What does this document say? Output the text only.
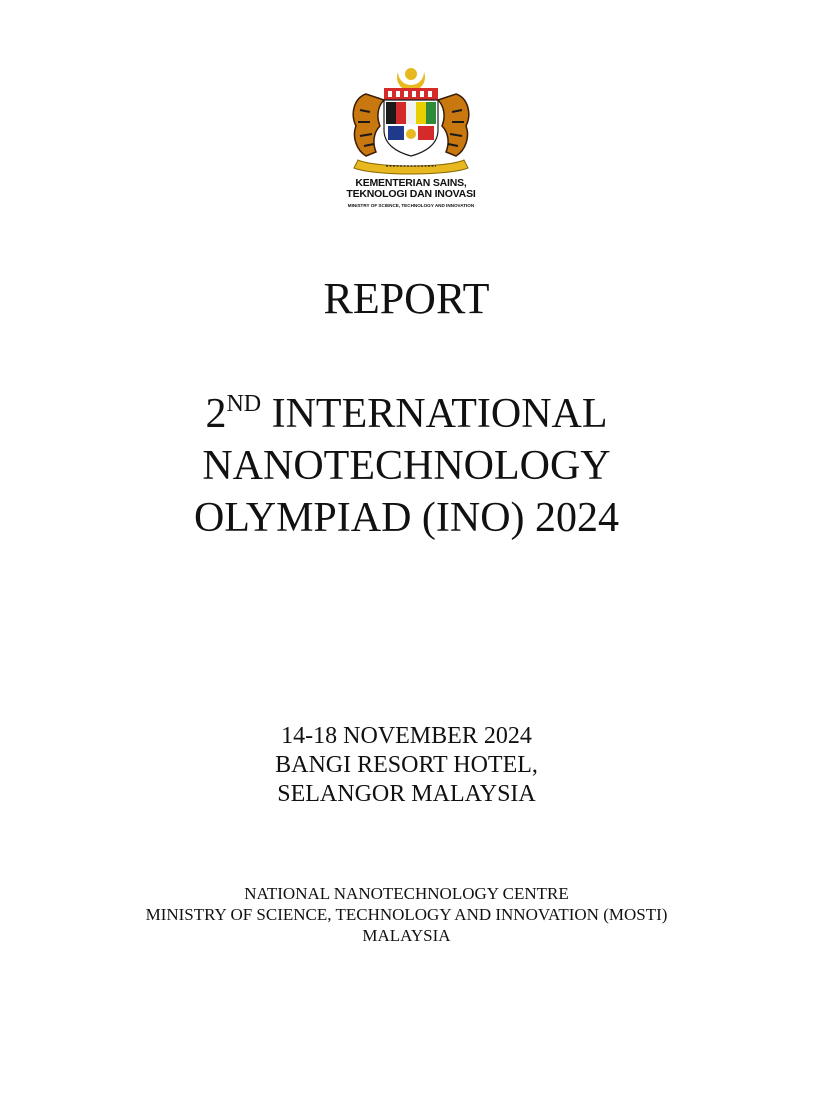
KEMENTERIAN SAINS,
TEKNOLOGI DAN INOVASI
MINISTRY OF SCIENCE, TECHNOLOGY AND INNOVATION
REPORT
2ND INTERNATIONAL
NANOTECHNOLOGY
OLYMPIAD (INO) 2024
14-18 NOVEMBER 2024
BANGI RESORT HOTEL,
SELANGOR MALAYSIA
NATIONAL NANOTECHNOLOGY CENTRE
MINISTRY OF SCIENCE, TECHNOLOGY AND INNOVATION (MOSTI)
MALAYSIA
